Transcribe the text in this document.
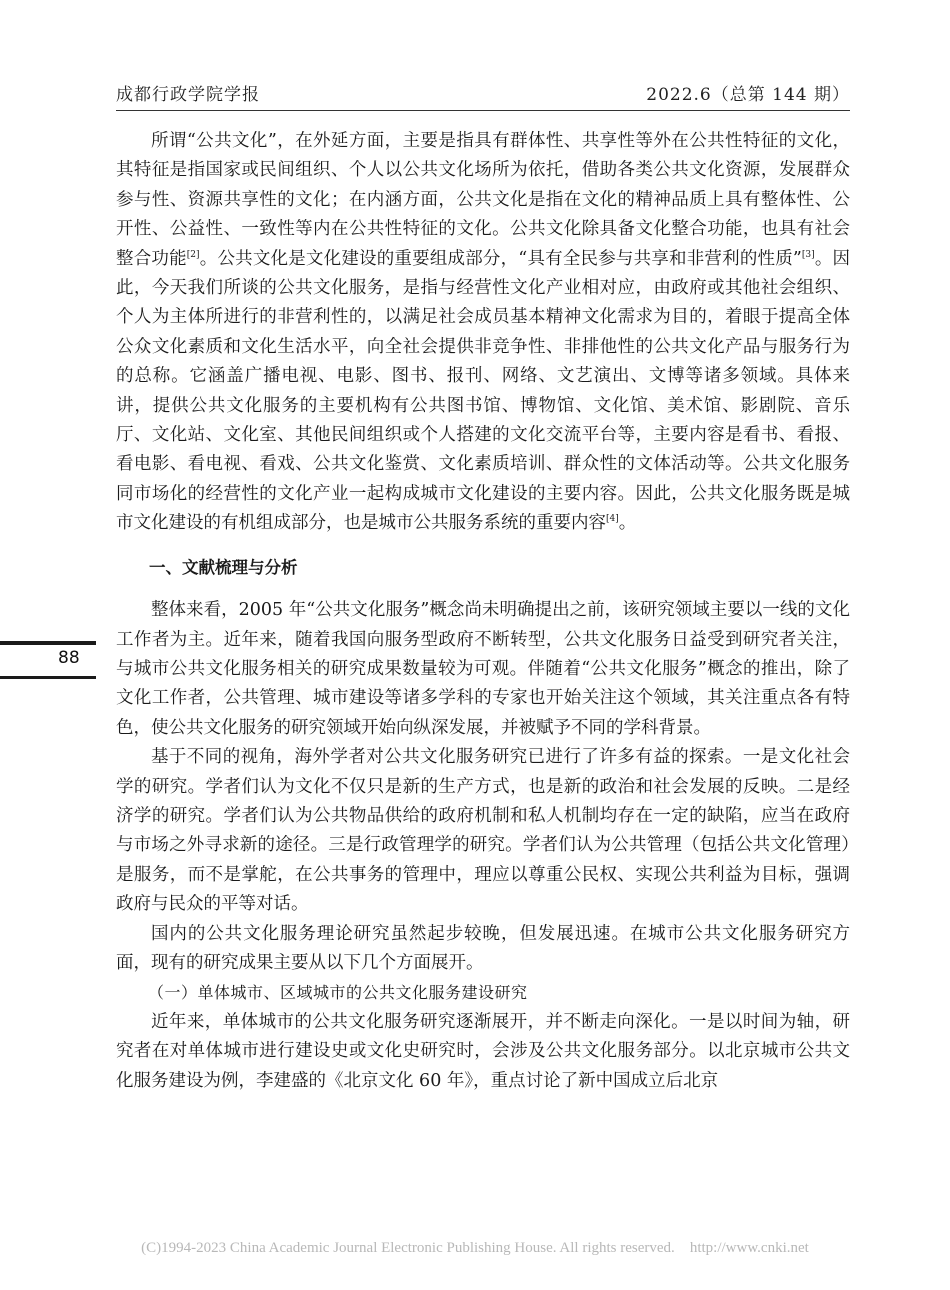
成都行政学院学报	2022.6（总第 144 期）
88

所谓“公共文化”，在外延方面，主要是指具有群体性、共享性等外在公共性特征的文化，其特征是指国家或民间组织、个人以公共文化场所为依托，借助各类公共文化资源，发展群众参与性、资源共享性的文化；在内涵方面，公共文化是指在文化的精神品质上具有整体性、公开性、公益性、一致性等内在公共性特征的文化。公共文化除具备文化整合功能，也具有社会整合功能[2]。公共文化是文化建设的重要组成部分，“具有全民参与共享和非营利的性质”[3]。因此，今天我们所谈的公共文化服务，是指与经营性文化产业相对应，由政府或其他社会组织、个人为主体所进行的非营利性的，以满足社会成员基本精神文化需求为目的，着眼于提高全体公众文化素质和文化生活水平，向全社会提供非竞争性、非排他性的公共文化产品与服务行为的总称。它涵盖广播电视、电影、图书、报刊、网络、文艺演出、文博等诸多领域。具体来讲，提供公共文化服务的主要机构有公共图书馆、博物馆、文化馆、美术馆、影剧院、音乐厅、文化站、文化室、其他民间组织或个人搭建的文化交流平台等，主要内容是看书、看报、看电影、看电视、看戏、公共文化鉴赏、文化素质培训、群众性的文体活动等。公共文化服务同市场化的经营性的文化产业一起构成城市文化建设的主要内容。因此，公共文化服务既是城市文化建设的有机组成部分，也是城市公共服务系统的重要内容[4]。

一、文献梳理与分析

整体来看，2005 年“公共文化服务”概念尚未明确提出之前，该研究领域主要以一线的文化工作者为主。近年来，随着我国向服务型政府不断转型，公共文化服务日益受到研究者关注，与城市公共文化服务相关的研究成果数量较为可观。伴随着“公共文化服务”概念的推出，除了文化工作者，公共管理、城市建设等诸多学科的专家也开始关注这个领域，其关注重点各有特色，使公共文化服务的研究领域开始向纵深发展，并被赋予不同的学科背景。

基于不同的视角，海外学者对公共文化服务研究已进行了许多有益的探索。一是文化社会学的研究。学者们认为文化不仅只是新的生产方式，也是新的政治和社会发展的反映。二是经济学的研究。学者们认为公共物品供给的政府机制和私人机制均存在一定的缺陷，应当在政府与市场之外寻求新的途径。三是行政管理学的研究。学者们认为公共管理（包括公共文化管理）是服务，而不是掌舵，在公共事务的管理中，理应以尊重公民权、实现公共利益为目标，强调政府与民众的平等对话。

国内的公共文化服务理论研究虽然起步较晚，但发展迅速。在城市公共文化服务研究方面，现有的研究成果主要从以下几个方面展开。

（一）单体城市、区域城市的公共文化服务建设研究

近年来，单体城市的公共文化服务研究逐渐展开，并不断走向深化。一是以时间为轴，研究者在对单体城市进行建设史或文化史研究时，会涉及公共文化服务部分。以北京城市公共文化服务建设为例，李建盛的《北京文化 60 年》，重点讨论了新中国成立后北京

(C)1994-2023 China Academic Journal Electronic Publishing House. All rights reserved. http://www.cnki.net
